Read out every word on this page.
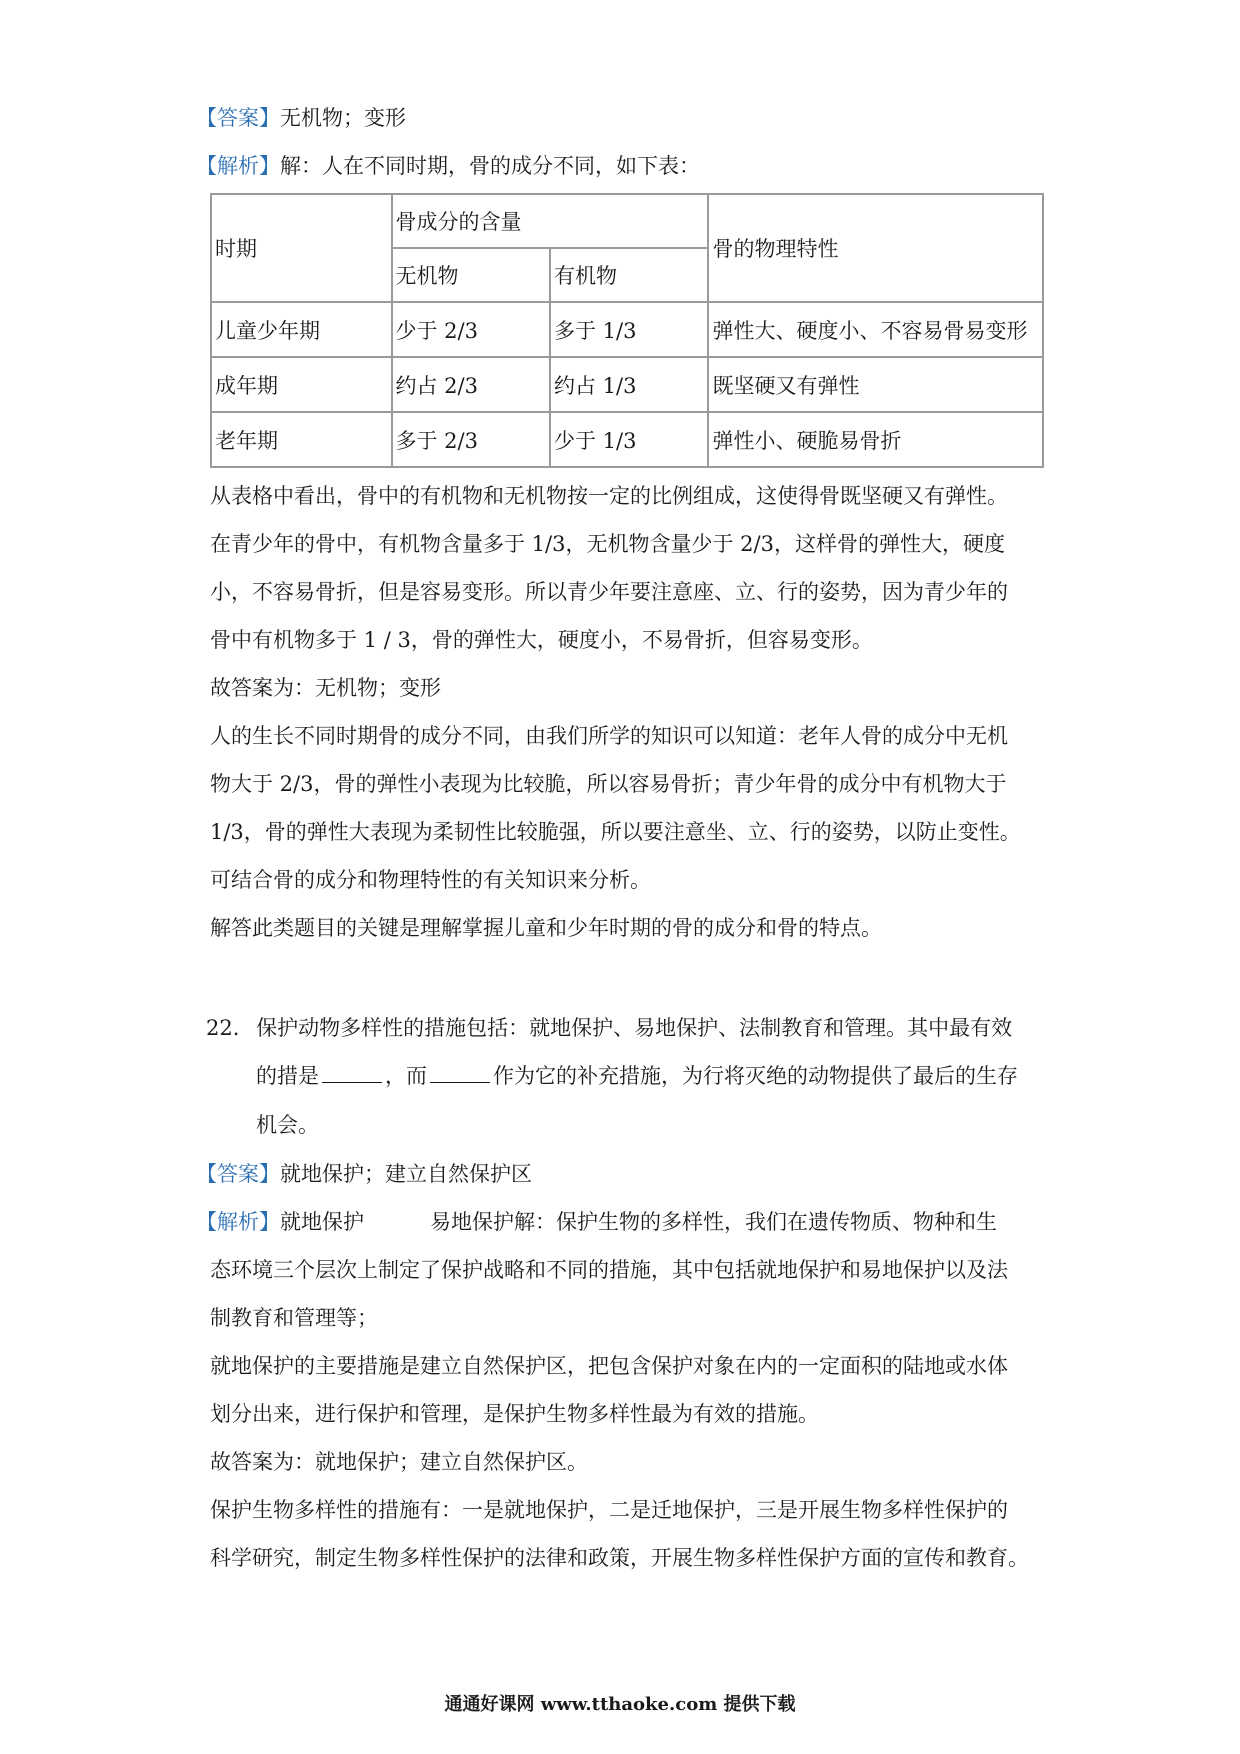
【答案】无机物；变形
【解析】解：人在不同时期，骨的成分不同，如下表：
时期	骨成分的含量		骨的物理特性
	无机物	有机物	
儿童少年期	少于 2/3	多于 1/3	弹性大、硬度小、不容易骨易变形
成年期	约占 2/3	约占 1/3	既坚硬又有弹性
老年期	多于 2/3	少于 1/3	弹性小、硬脆易骨折
从表格中看出，骨中的有机物和无机物按一定的比例组成，这使得骨既坚硬又有弹性。
在青少年的骨中，有机物含量多于 1/3，无机物含量少于 2/3，这样骨的弹性大，硬度
小，不容易骨折，但是容易变形。所以青少年要注意座、立、行的姿势，因为青少年的
骨中有机物多于 1 / 3，骨的弹性大，硬度小，不易骨折，但容易变形。
故答案为：无机物；变形
人的生长不同时期骨的成分不同，由我们所学的知识可以知道：老年人骨的成分中无机
物大于 2/3，骨的弹性小表现为比较脆，所以容易骨折；青少年骨的成分中有机物大于
1/3，骨的弹性大表现为柔韧性比较脆强，所以要注意坐、立、行的姿势，以防止变性。
可结合骨的成分和物理特性的有关知识来分析。
解答此类题目的关键是理解掌握儿童和少年时期的骨的成分和骨的特点。
22. 保护动物多样性的措施包括：就地保护、易地保护、法制教育和管理。其中最有效
的措是	，而	作为它的补充措施，为行将灭绝的动物提供了最后的生存
机会。
【答案】就地保护；建立自然保护区
【解析】就地保护	易地保护解：保护生物的多样性，我们在遗传物质、物种和生
态环境三个层次上制定了保护战略和不同的措施，其中包括就地保护和易地保护以及法
制教育和管理等；
就地保护的主要措施是建立自然保护区，把包含保护对象在内的一定面积的陆地或水体
划分出来，进行保护和管理，是保护生物多样性最为有效的措施。
故答案为：就地保护；建立自然保护区。
保护生物多样性的措施有：一是就地保护，二是迁地保护，三是开展生物多样性保护的
科学研究，制定生物多样性保护的法律和政策，开展生物多样性保护方面的宣传和教育。
通通好课网 www.tthaoke.com 提供下载
